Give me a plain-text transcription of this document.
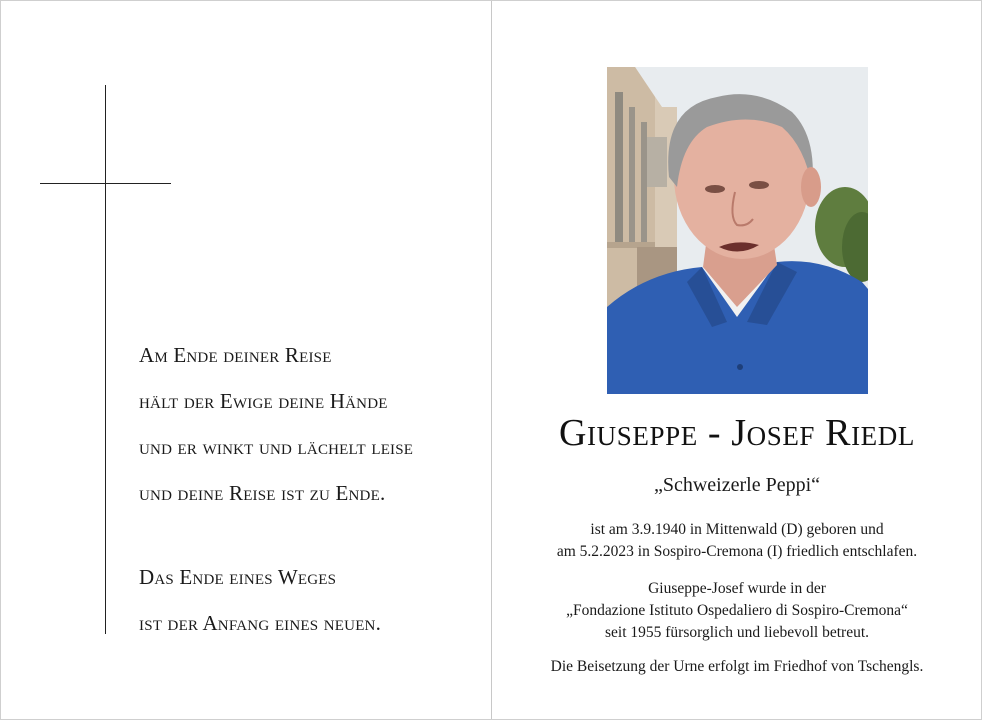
Am Ende deiner Reise
hält der Ewige deine Hände
und er winkt und lächelt leise
und deine Reise ist zu Ende.
Das Ende eines Weges
ist der Anfang eines neuen.
Giuseppe - Josef Riedl
„Schweizerle Peppi“
ist am 3.9.1940 in Mittenwald (D) geboren und
am 5.2.2023 in Sospiro-Cremona (I) friedlich entschlafen.
Giuseppe-Josef wurde in der
„Fondazione Istituto Ospedaliero di Sospiro-Cremona“
seit 1955 fürsorglich und liebevoll betreut.
Die Beisetzung der Urne erfolgt im Friedhof von Tschengls.
